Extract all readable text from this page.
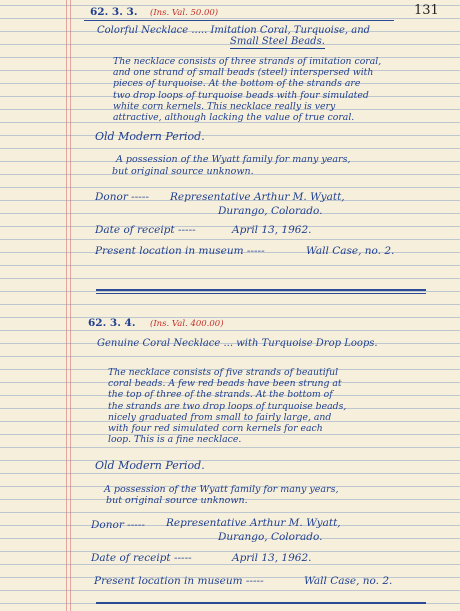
131
62. 3. 3. (Ins. Val. 50.00)
Colorful Necklace ..... Imitation Coral, Turquoise, and
Small Steel Beads.

The necklace consists of three strands of imitation coral,
and one strand of small beads (steel) interspersed with
pieces of turquoise. At the bottom of the strands are
two drop loops of turquoise beads with four simulated
white corn kernels. This necklace really is very
attractive, although lacking the value of true coral.

Old Modern Period.
A possession of the Wyatt family for many years,
but original source unknown.
Donor ----- Representative Arthur M. Wyatt,
Durango, Colorado.
Date of receipt -----	April 13, 1962.
Present location in museum -----	Wall Case, no. 2.
62. 3. 4. (Ins. Val. 400.00)
Genuine Coral Necklace ... with Turquoise Drop Loops.

The necklace consists of five strands of beautiful
coral beads. A few red beads have been strung at
the top of three of the strands. At the bottom of
the strands are two drop loops of turquoise beads,
nicely graduated from small to fairly large, and
with four red simulated corn kernels for each
loop. This is a fine necklace.

Old Modern Period.
A possession of the Wyatt family for many years,
but original source unknown.
Donor ----- Representative Arthur M. Wyatt,
Durango, Colorado.
Date of receipt -----	April 13, 1962.
Present location in museum -----	Wall Case, no. 2.
